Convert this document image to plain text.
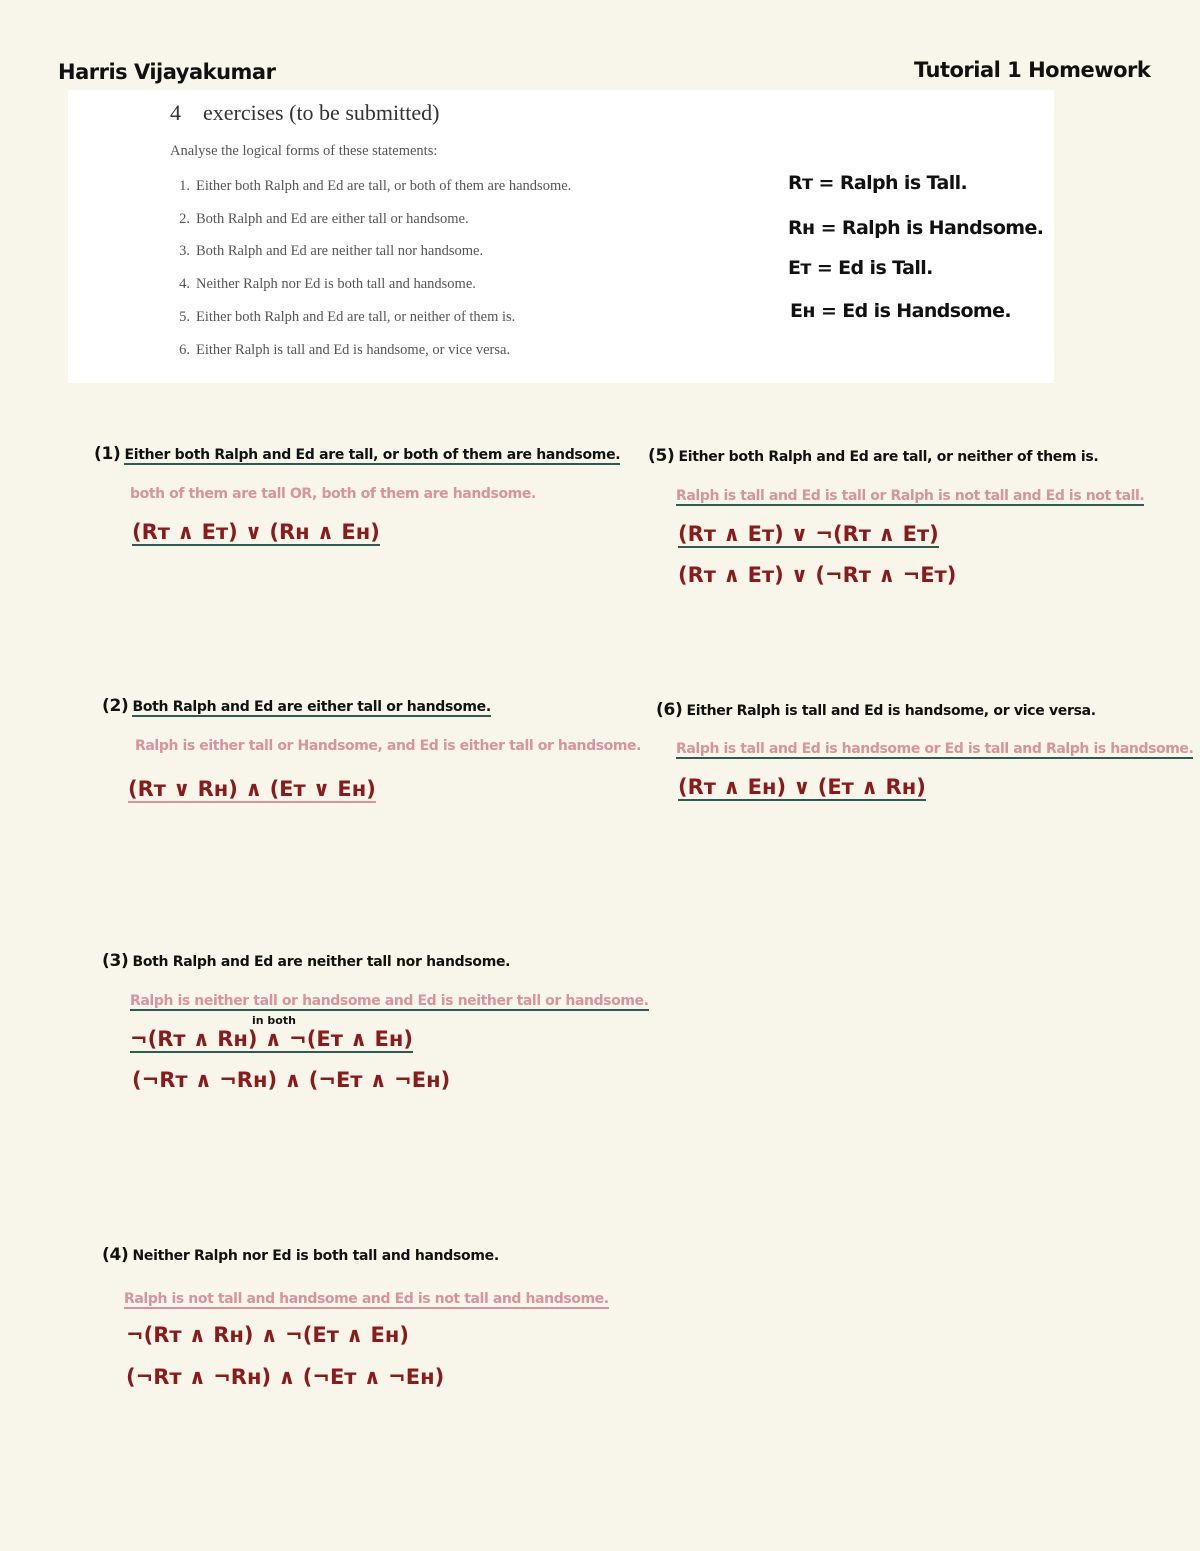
Harris Vijayakumar	Tutorial 1 Homework
4 exercises (to be submitted)
Analyse the logical forms of these statements:
1. Either both Ralph and Ed are tall, or both of them are handsome.
2. Both Ralph and Ed are either tall or handsome.
3. Both Ralph and Ed are neither tall nor handsome.
4. Neither Ralph nor Ed is both tall and handsome.
5. Either both Ralph and Ed are tall, or neither of them is.
6. Either Ralph is tall and Ed is handsome, or vice versa.
Rт = Ralph is Tall.
Rн = Ralph is Handsome.
Eт = Ed is Tall.
Eн = Ed is Handsome.
(1) Either both Ralph and Ed are tall, or both of them are handsome.
both of them are tall OR, both of them are handsome.
(Rт ∧ Eт) ∨ (Rн ∧ Eн)
(5) Either both Ralph and Ed are tall, or neither of them is.
Ralph is tall and Ed is tall or Ralph is not tall and Ed is not tall.
(Rт ∧ Eт) ∨ ¬(Rт ∧ Eт)
(Rт ∧ Eт) ∨ (¬Rт ∧ ¬Eт)
(2) Both Ralph and Ed are either tall or handsome.
Ralph is either tall or Handsome, and Ed is either tall or handsome.
(Rт ∨ Rн) ∧ (Eт ∨ Eн)
(6) Either Ralph is tall and Ed is handsome, or vice versa.
Ralph is tall and Ed is handsome or Ed is tall and Ralph is handsome.
(Rт ∧ Eн) ∨ (Eт ∧ Rн)
(3) Both Ralph and Ed are neither tall nor handsome.
Ralph is neither tall or handsome and Ed is neither tall or handsome.
in both
¬(Rт ∧ Rн) ∧ ¬(Eт ∧ Eн)
(¬Rт ∧ ¬Rн) ∧ (¬Eт ∧ ¬Eн)
(4) Neither Ralph nor Ed is both tall and handsome.
Ralph is not tall and handsome and Ed is not tall and handsome.
¬(Rт ∧ Rн) ∧ ¬(Eт ∧ Eн)
(¬Rт ∧ ¬Rн) ∧ (¬Eт ∧ ¬Eн)
